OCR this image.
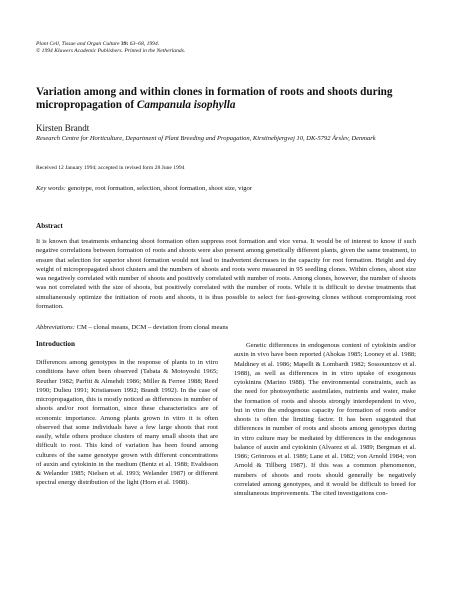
Plant Cell, Tissue and Organ Culture 39: 63–68, 1994.
© 1994 Kluwers Academic Publishers. Printed in the Netherlands.
Variation among and within clones in formation of roots and shoots during micropropagation of Campanula isophylla
Kirsten Brandt
Research Centre for Horticulture, Department of Plant Breeding and Propagation, Kirstinebjergvej 10, DK-5792 Årslev, Denmark
Received 12 January 1994; accepted in revised form 28 June 1994
Key words: genotype, root formation, selection, shoot formation, shoot size, vigor
Abstract
It is known that treatments enhancing shoot formation often suppress root formation and vice versa. It would be of interest to know if such negative correlations between formation of roots and shoots were also present among genetically different plants, given the same treatment, to ensure that selection for superior shoot formation would not lead to inadvertent decreases in the capacity for root formation. Height and dry weight of micropropagated shoot clusters and the numbers of shoots and roots were measured in 95 seedling clones. Within clones, shoot size was negatively correlated with number of shoots and positively correlated with number of roots. Among clones, however, the number of shoots was not correlated with the size of shoots, but positively correlated with the number of roots. While it is difficult to devise treatments that simultaneously optimize the initiation of roots and shoots, it is thus possible to select for fast-growing clones without compromising root formation.
Abbreviations: CM – clonal means, DCM – deviation from clonal means
Introduction
Differences among genotypes in the response of plants to in vitro conditions have often been observed (Tabata & Motoyoshi 1965; Reuther 1982; Parfitt & Almehdi 1986; Miller & Ferree 1988; Reed 1990; Dulieu 1991; Kristiansen 1992; Brandt 1992). In the case of micropropagation, this is mostly noticed as differences in number of shoots and/or root formation, since these characteristics are of economic importance. Among plants grown in vitro it is often observed that some individuals have a few large shoots that root easily, while others produce clusters of many small shoots that are difficult to root. This kind of variation has been found among cultures of the same genotype grown with different concentrations of auxin and cytokinin in the medium (Bentz et al. 1988; Evaldsson & Welander 1985; Nielsen et al. 1993; Welander 1987) or different spectral energy distribution of the light (Horn et al. 1988).
Genetic differences in endogenous content of cytokinin and/or auxin in vivo have been reported (Ahokas 1985; Looney et al. 1988; Maldiney et al. 1986; Mapelli & Lombardi 1982; Sossountzov et al. 1988), as well as differences in in vitro uptake of exogenous cytokinins (Marino 1988). The environmental constraints, such as the need for photosynthetic assimilates, nutrients and water, make the formation of roots and shoots strongly interdependent in vivo, but in vitro the endogenous capacity for formation of roots and/or shoots is often the limiting factor. It has been suggested that differences in number of roots and shoots among genotypes during in vitro culture may be mediated by differences in the endogenous balance of auxin and cytokinin (Alvarez et al. 1989; Bergman et al. 1986; Grönroos et al. 1989; Lane et al. 1982; von Arnold 1984; von Arnold & Tillberg 1987). If this was a common phenomenon, numbers of shoots and roots should generally be negatively correlated among genotypes, and it would be difficult to breed for simultaneous improvements. The cited investigations con-
